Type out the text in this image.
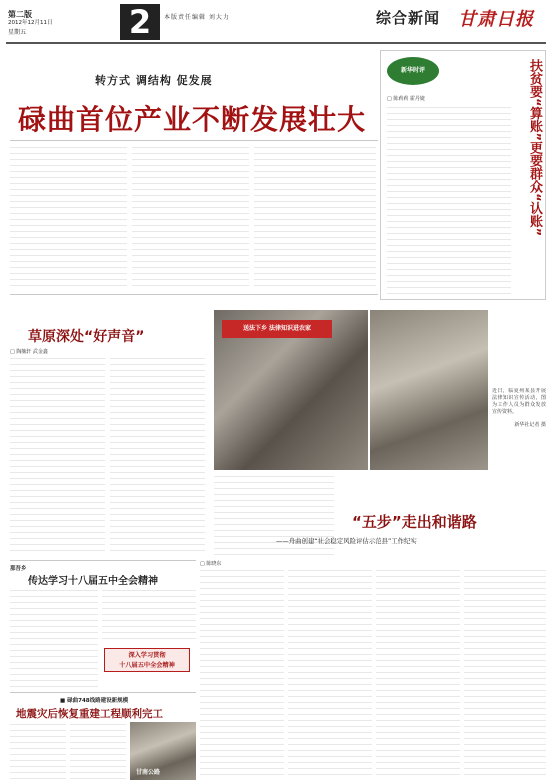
第二版
2012年12月11日
星期五	2	本版责任编辑 刘大力	综合新闻 甘肃日报
转方式 调结构 促发展
碌曲首位产业不断发展壮大
新华时评
□ 陈莉莉 霍丹婕	扶贫要“算账”更要群众“认账”
草原深处“好声音”
□ 陶毓轩 武金鑫
送法下乡 法律知识进农家
近日，临夏州某县开展法律知识宣传活动，图为工作人员为群众发放宣传资料。
新华社记者 摄
“五步”走出和谐路
——舟曲创建“社会稳定风险评估示范县”工作纪实
□ 陈晓东
那吾乡
传达学习十八届五中全会精神
深入学习贯彻
十八届五中全会精神
■ 碌曲748线路建设新规模
地震灾后恢复重建工程顺利完工
甘南公路
